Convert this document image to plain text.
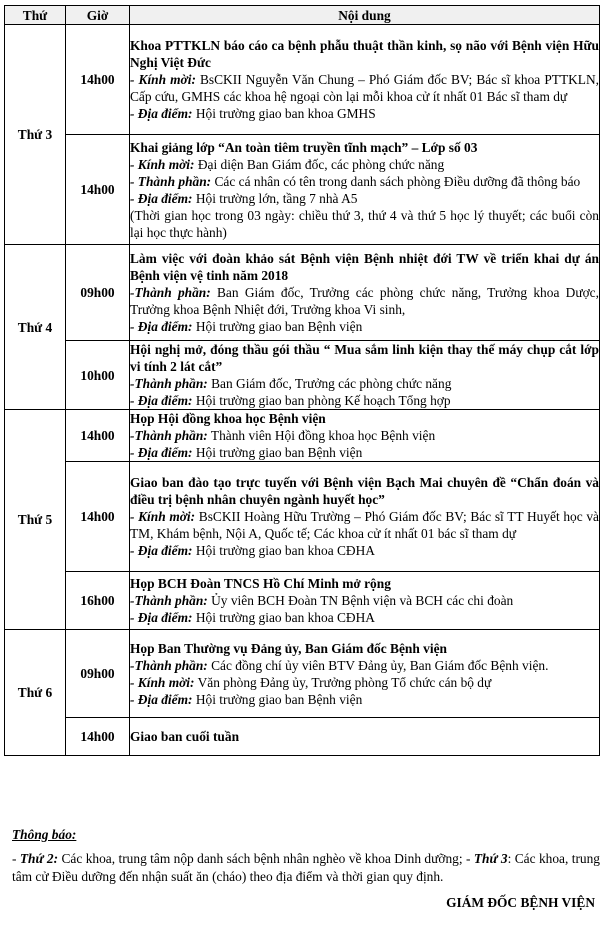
Thứ	Giờ	Nội dung
Thứ 3	14h00	Khoa PTTKLN báo cáo ca bệnh phẫu thuật thần kinh, sọ não với Bệnh viện Hữu Nghị Việt Đức
- Kính mời: BsCKII Nguyễn Văn Chung – Phó Giám đốc BV; Bác sĩ khoa PTTKLN, Cấp cứu, GMHS các khoa hệ ngoại còn lại mỗi khoa cử ít nhất 01 Bác sĩ tham dự
- Địa điểm: Hội trường giao ban khoa GMHS

	14h00	Khai giảng lớp “An toàn tiêm truyền tĩnh mạch” – Lớp số 03
- Kính mời: Đại diện Ban Giám đốc, các phòng chức năng
- Thành phần: Các cá nhân có tên trong danh sách phòng Điều dưỡng đã thông báo
- Địa điểm: Hội trường lớn, tầng 7 nhà A5
(Thời gian học trong 03 ngày: chiều thứ 3, thứ 4 và thứ 5 học lý thuyết; các buổi còn lại học thực hành)

Thứ 4	09h00	Làm việc với đoàn khảo sát Bệnh viện Bệnh nhiệt đới TW về triển khai dự án Bệnh viện vệ tinh năm 2018
-Thành phần: Ban Giám đốc, Trưởng các phòng chức năng, Trưởng khoa Dược, Trưởng khoa Bệnh Nhiệt đới, Trưởng khoa Vi sinh,
- Địa điểm: Hội trường giao ban Bệnh viện

	10h00	Hội nghị mở, đóng thầu gói thầu “ Mua sắm linh kiện thay thế máy chụp cắt lớp vi tính 2 lát cắt”
-Thành phần: Ban Giám đốc, Trưởng các phòng chức năng
- Địa điểm: Hội trường giao ban phòng Kế hoạch Tổng hợp

Thứ 5	14h00	Họp Hội đồng khoa học Bệnh viện
-Thành phần: Thành viên Hội đồng khoa học Bệnh viện
- Địa điểm: Hội trường giao ban Bệnh viện

	14h00	Giao ban đào tạo trực tuyến với Bệnh viện Bạch Mai chuyên đề “Chẩn đoán và điều trị bệnh nhân chuyên ngành huyết học”
- Kính mời: BsCKII Hoàng Hữu Trường – Phó Giám đốc BV; Bác sĩ TT Huyết học và TM, Khám bệnh, Nội A, Quốc tế; Các khoa cử ít nhất 01 bác sĩ tham dự
- Địa điểm: Hội trường giao ban khoa CĐHA

	16h00	Họp BCH Đoàn TNCS Hồ Chí Minh mở rộng
-Thành phần: Ủy viên BCH Đoàn TN Bệnh viện và BCH các chi đoàn
- Địa điểm: Hội trường giao ban khoa CĐHA

Thứ 6	09h00	Họp Ban Thường vụ Đảng ủy, Ban Giám đốc Bệnh viện
-Thành phần: Các đồng chí ủy viên BTV Đảng ủy, Ban Giám đốc Bệnh viện.
- Kính mời: Văn phòng Đảng ủy, Trưởng phòng Tổ chức cán bộ dự
- Địa điểm: Hội trường giao ban Bệnh viện

	14h00	Giao ban cuối tuần
Thông báo:
- Thứ 2: Các khoa, trung tâm nộp danh sách bệnh nhân nghèo về khoa Dinh dưỡng; - Thứ 3: Các khoa, trung tâm cử Điều dưỡng đến nhận suất ăn (cháo) theo địa điểm và thời gian quy định.
GIÁM ĐỐC BỆNH VIỆN
